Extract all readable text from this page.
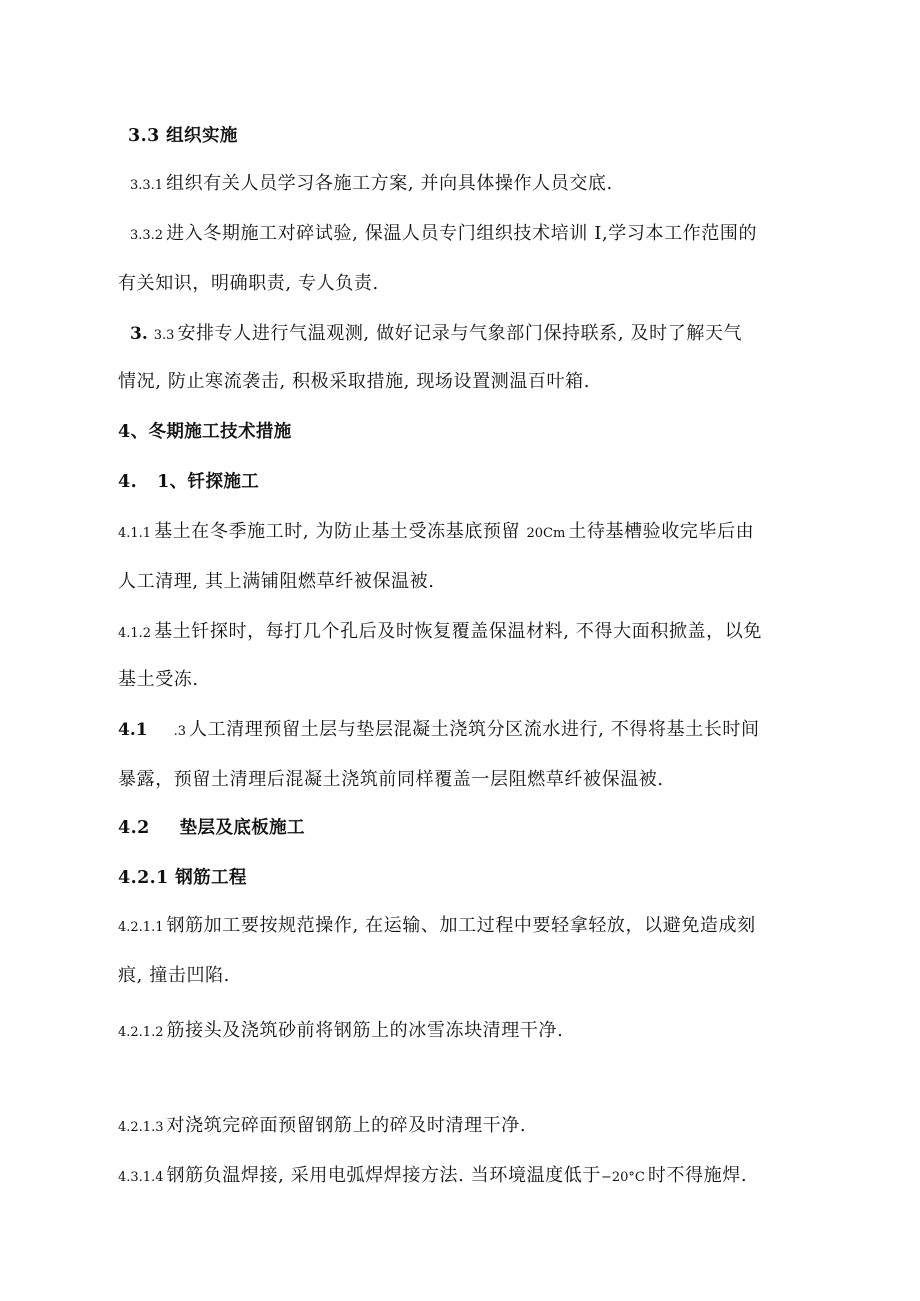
3.3 组织实施
3.3.1 组织有关人员学习各施工方案, 并向具体操作人员交底.
3.3.2 进入冬期施工对碎试验, 保温人员专门组织技术培训 I,学习本工作范围的
有关知识，明确职责, 专人负责.
3. 3.3 安排专人进行气温观测, 做好记录与气象部门保持联系, 及时了解天气
情况, 防止寒流袭击, 积极采取措施, 现场设置测温百叶箱.
4、冬期施工技术措施
4. 1、钎探施工
4.1.1 基土在冬季施工时, 为防止基土受冻基底预留 20Cm 土待基槽验收完毕后由
人工清理, 其上满铺阻燃草纤被保温被.
4.1.2 基土钎探时，每打几个孔后及时恢复覆盖保温材料, 不得大面积掀盖，以免
基土受冻.
4.1 .3 人工清理预留土层与垫层混凝土浇筑分区流水进行, 不得将基土长时间
暴露，预留土清理后混凝土浇筑前同样覆盖一层阻燃草纤被保温被.
4.2 垫层及底板施工
4.2.1 钢筋工程
4.2.1.1 钢筋加工要按规范操作, 在运输、加工过程中要轻拿轻放，以避免造成刻
痕, 撞击凹陷.
4.2.1.2 筋接头及浇筑砂前将钢筋上的冰雪冻块清理干净.
4.2.1.3 对浇筑完碎面预留钢筋上的碎及时清理干净.
4.3.1.4 钢筋负温焊接, 采用电弧焊焊接方法. 当环境温度低于−20°C 时不得施焊.
